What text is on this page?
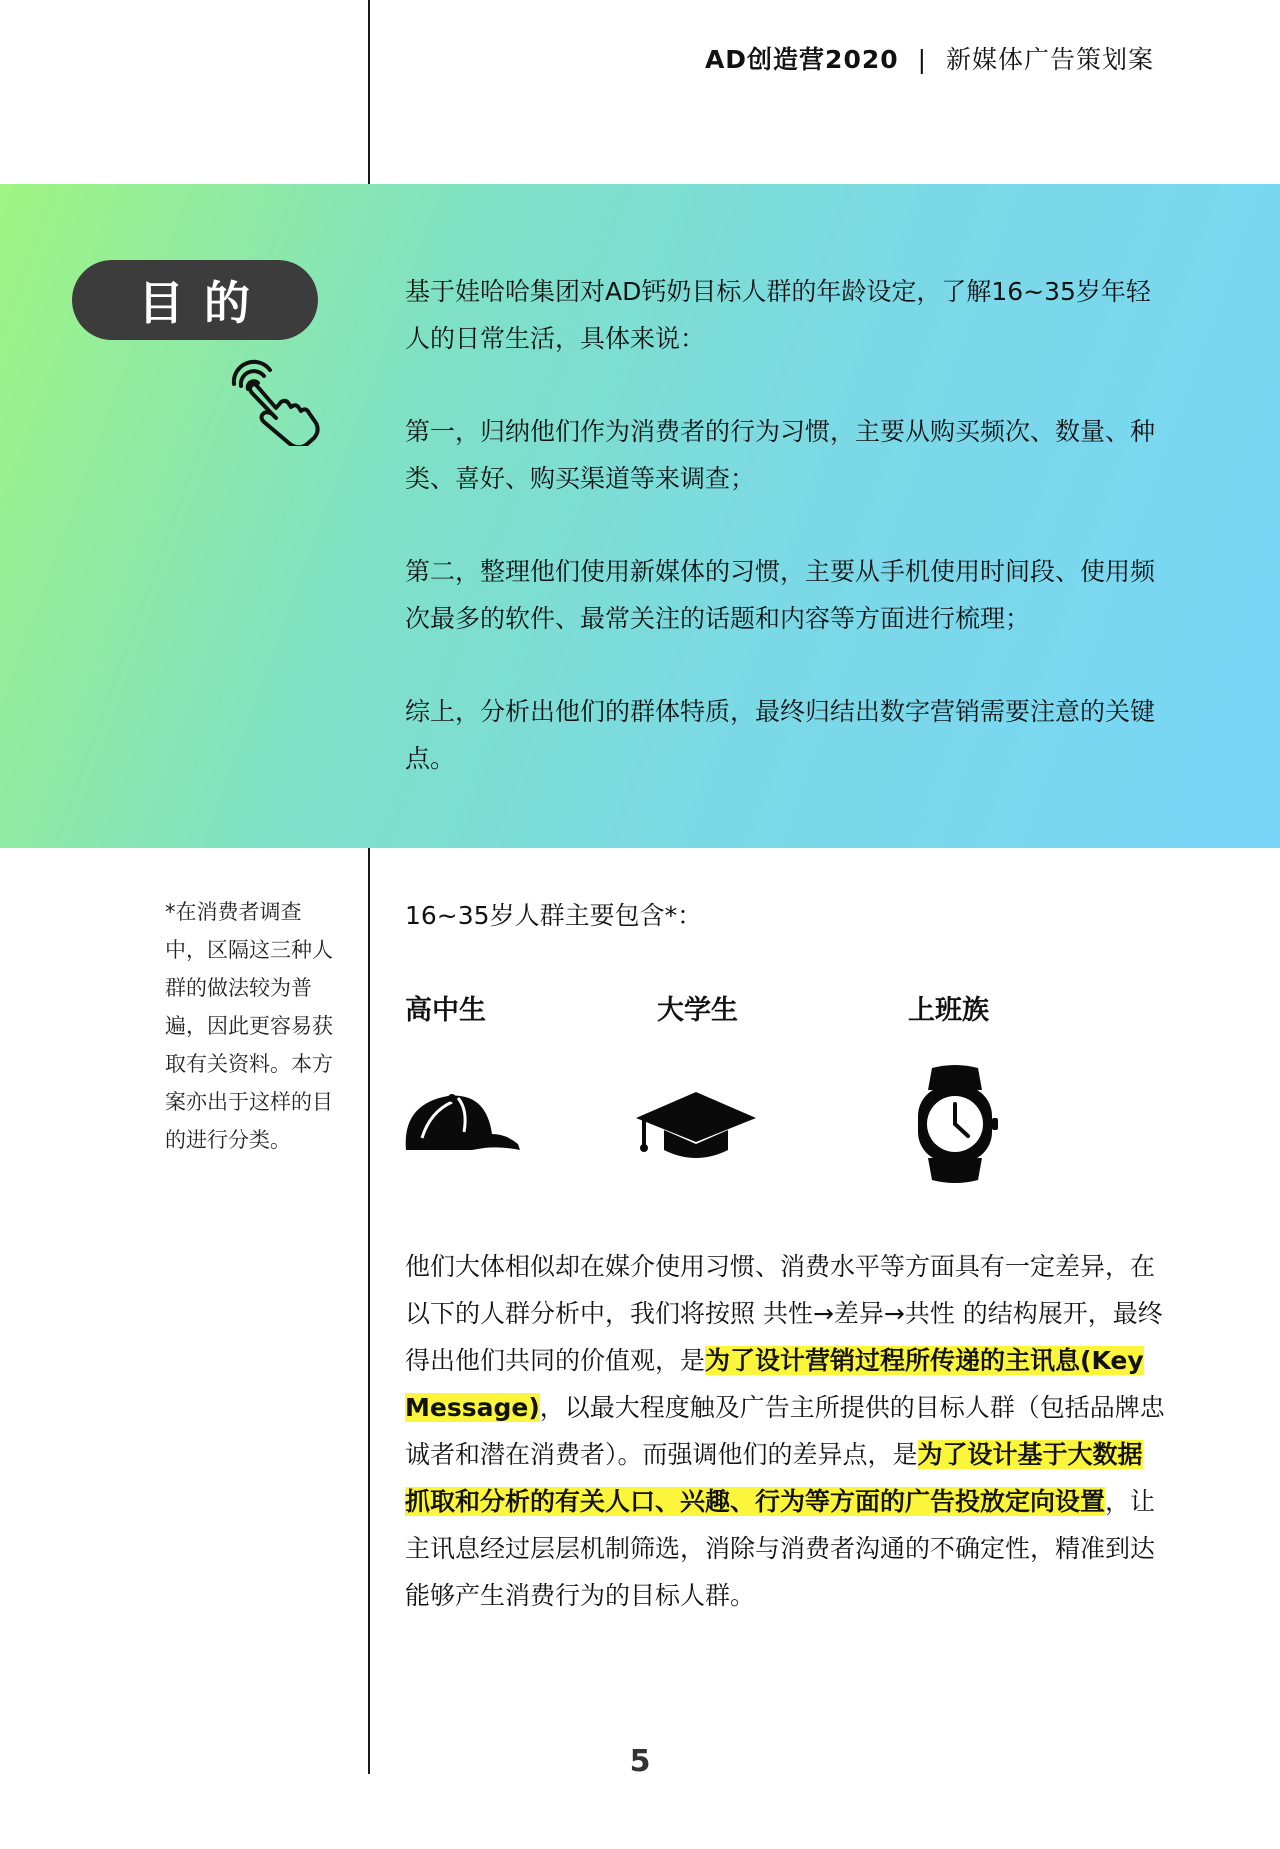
AD创造营2020 | 新媒体广告策划案
目的	基于娃哈哈集团对AD钙奶目标人群的年龄设定，了解16~35岁年轻人的日常生活，具体来说：
第一，归纳他们作为消费者的行为习惯，主要从购买频次、数量、种类、喜好、购买渠道等来调查；
第二，整理他们使用新媒体的习惯，主要从手机使用时间段、使用频次最多的软件、最常关注的话题和内容等方面进行梳理；
综上，分析出他们的群体特质，最终归结出数字营销需要注意的关键点。
*在消费者调查中，区隔这三种人群的做法较为普遍，因此更容易获取有关资料。本方案亦出于这样的目的进行分类。
16~35岁人群主要包含*：
高中生	大学生	上班族
他们大体相似却在媒介使用习惯、消费水平等方面具有一定差异，在以下的人群分析中，我们将按照 共性→差异→共性 的结构展开，最终得出他们共同的价值观，是为了设计营销过程所传递的主讯息(Key Message)，以最大程度触及广告主所提供的目标人群（包括品牌忠诚者和潜在消费者）。而强调他们的差异点，是为了设计基于大数据抓取和分析的有关人口、兴趣、行为等方面的广告投放定向设置，让主讯息经过层层机制筛选，消除与消费者沟通的不确定性，精准到达能够产生消费行为的目标人群。
5
